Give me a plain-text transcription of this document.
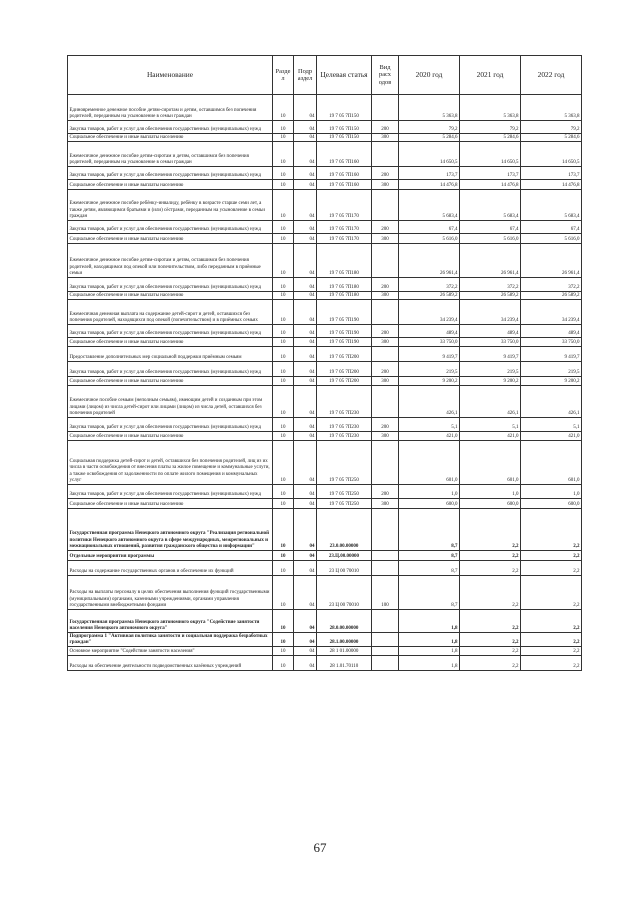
Наименование	Разде л	Подр аздел	Целевая статья	Вид расх одов	2020 год	2021 год	2022 год
Единовременное денежное пособие детям-сиротам и детям, оставшимся без попечения родителей, переданным на усыновление в семьи граждан	10	04	19 7 05 7П150		5 363,8	5 363,8	5 363,8
Закупка товаров, работ и услуг для обеспечения государственных (муниципальных) нужд	10	04	19 7 05 7П150	200	79,2	79,2	79,2
Социальное обеспечение и иные выплаты населению	10	04	19 7 05 7П150	300	5 284,6	5 284,6	5 284,6
Ежемесячное денежное пособие детям-сиротам и детям, оставшимся без попечения родителей, переданным на усыновление в семьи граждан	10	04	19 7 05 7П160		14 650,5	14 650,5	14 650,5
Закупка товаров, работ и услуг для обеспечения государственных (муниципальных) нужд	10	04	19 7 05 7П160	200	173,7	173,7	173,7
Социальное обеспечение и иные выплаты населению	10	04	19 7 05 7П160	300	14 476,8	14 476,8	14 476,8
Ежемесячное денежное пособие ребёнку-инвалиду, ребёнку в возрасте старше семи лет, а также детям, являющимся братьями и (или) сёстрами, переданным на усыновление в семьи граждан	10	04	19 7 05 7П170		5 683,4	5 683,4	5 683,4
Закупка товаров, работ и услуг для обеспечения государственных (муниципальных) нужд	10	04	19 7 05 7П170	200	67,4	67,4	67,4
Социальное обеспечение и иные выплаты населению	10	04	19 7 05 7П170	300	5 616,0	5 616,0	5 616,0
Ежемесячное денежное пособие детям-сиротам и детям, оставшимся без попечения родителей, находящимся под опекой или попечительством, либо переданным в приёмные семьи	10	04	19 7 05 7П180		26 961,4	26 961,4	26 961,4
Закупка товаров, работ и услуг для обеспечения государственных (муниципальных) нужд	10	04	19 7 05 7П180	200	372,2	372,2	372,2
Социальное обеспечение и иные выплаты населению	10	04	19 7 05 7П180	300	26 589,2	26 589,2	26 589,2
Ежемесячная денежная выплата на содержание детей-сирот и детей, оставшихся без попечения родителей, находящихся под опекой (попечительством) и в приёмных семьях	10	04	19 7 05 7П190		34 239,4	34 239,4	34 239,4
Закупка товаров, работ и услуг для обеспечения государственных (муниципальных) нужд	10	04	19 7 05 7П190	200	489,4	489,4	489,4
Социальное обеспечение и иные выплаты населению	10	04	19 7 05 7П190	300	33 750,0	33 750,0	33 750,0
Предоставление дополнительных мер социальной поддержки приёмным семьям	10	04	19 7 05 7П200		9 419,7	9 419,7	9 419,7
Закупка товаров, работ и услуг для обеспечения государственных (муниципальных) нужд	10	04	19 7 05 7П200	200	219,5	219,5	219,5
Социальное обеспечение и иные выплаты населению	10	04	19 7 05 7П200	300	9 200,2	9 200,2	9 200,2
Ежемесячное пособие семьям (неполным семьям), имеющим детей и созданным при этом лицами (лицом) из числа детей-сирот или лицами (лицом) из числа детей, оставшихся без попечения родителей	10	04	19 7 05 7П230		426,1	426,1	426,1
Закупка товаров, работ и услуг для обеспечения государственных (муниципальных) нужд	10	04	19 7 05 7П230	200	5,1	5,1	5,1
Социальное обеспечение и иные выплаты населению	10	04	19 7 05 7П230	300	421,0	421,0	421,0
Социальная поддержка детей-сирот и детей, оставшихся без попечения родителей, лиц из их числа в части освобождения от внесения платы за жилое помещение и коммунальные услуги, а также освобождения от задолженности по оплате жилого помещения и коммунальных услуг	10	04	19 7 05 7П250		601,0	601,0	601,0
Закупка товаров, работ и услуг для обеспечения государственных (муниципальных) нужд	10	04	19 7 05 7П250	200	1,0	1,0	1,0
Социальное обеспечение и иные выплаты населению	10	04	19 7 05 7П250	300	600,0	600,0	600,0
Государственная программа Ненецкого автономного округа "Реализация региональной политики Ненецкого автономного округа в сфере международных, межрегиональных и межнациональных отношений, развития гражданского общества и информации"	10	04	23.0.00.00000		8,7	2,2	2,2
Отдельные мероприятия программы	10	04	23.Ц.00.00000		8,7	2,2	2,2
Расходы на содержание государственных органов и обеспечение их функций	10	04	23 Ц 00 70010		8,7	2,2	2,2
Расходы на выплаты персоналу в целях обеспечения выполнения функций государственными (муниципальными) органами, казенными учреждениями, органами управления государственными внебюджетными фондами	10	04	23 Ц 00 70010	100	8,7	2,2	2,2
Государственная программа Ненецкого автономного округа "Содействие занятости населения Ненецкого автономного округа"	10	04	28.0.00.00000		1,8	2,2	2,2
Подпрограмма 1 "Активная политика занятости и социальная поддержка безработных граждан"	10	04	28.1.00.00000		1,8	2,2	2,2
Основное мероприятие "Содействие занятости населения"	10	04	28 1 01.00000		1,8	2,2	2,2
Расходы на обеспечение деятельности подведомственных казённых учреждений	10	04	28 1.01.70110		1,8	2,2	2,2
67
